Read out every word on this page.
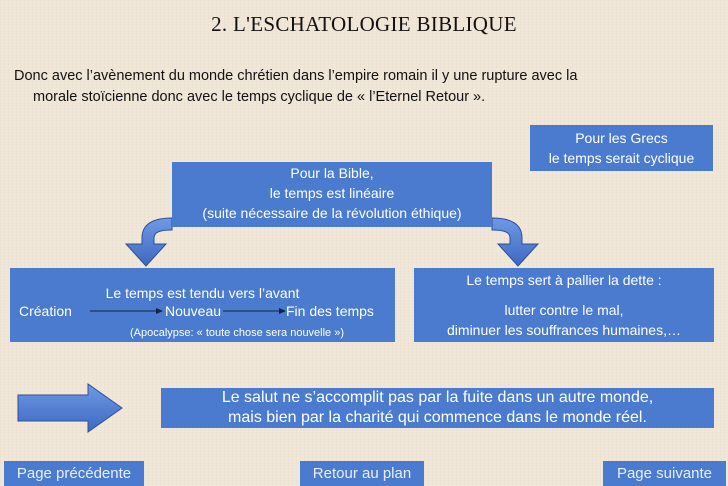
2. L'ESCHATOLOGIE BIBLIQUE
Donc avec l’avènement du monde chrétien dans l’empire romain il y une rupture avec la
morale stoïcienne donc avec le temps cyclique de « l’Eternel Retour ».
Pour les Grecs
le temps serait cyclique
Pour la Bible,
le temps est linéaire
(suite nécessaire de la révolution éthique)
Le temps est tendu vers l’avant
Création	Nouveau	Fin des temps
(Apocalypse: « toute chose sera nouvelle »)
Le temps sert à pallier la dette :
lutter contre le mal,
diminuer les souffrances humaines,…
Le salut ne s’accomplit pas par la fuite dans un autre monde,
mais bien par la charité qui commence dans le monde réel.
Page précédente	Retour au plan	Page suivante
